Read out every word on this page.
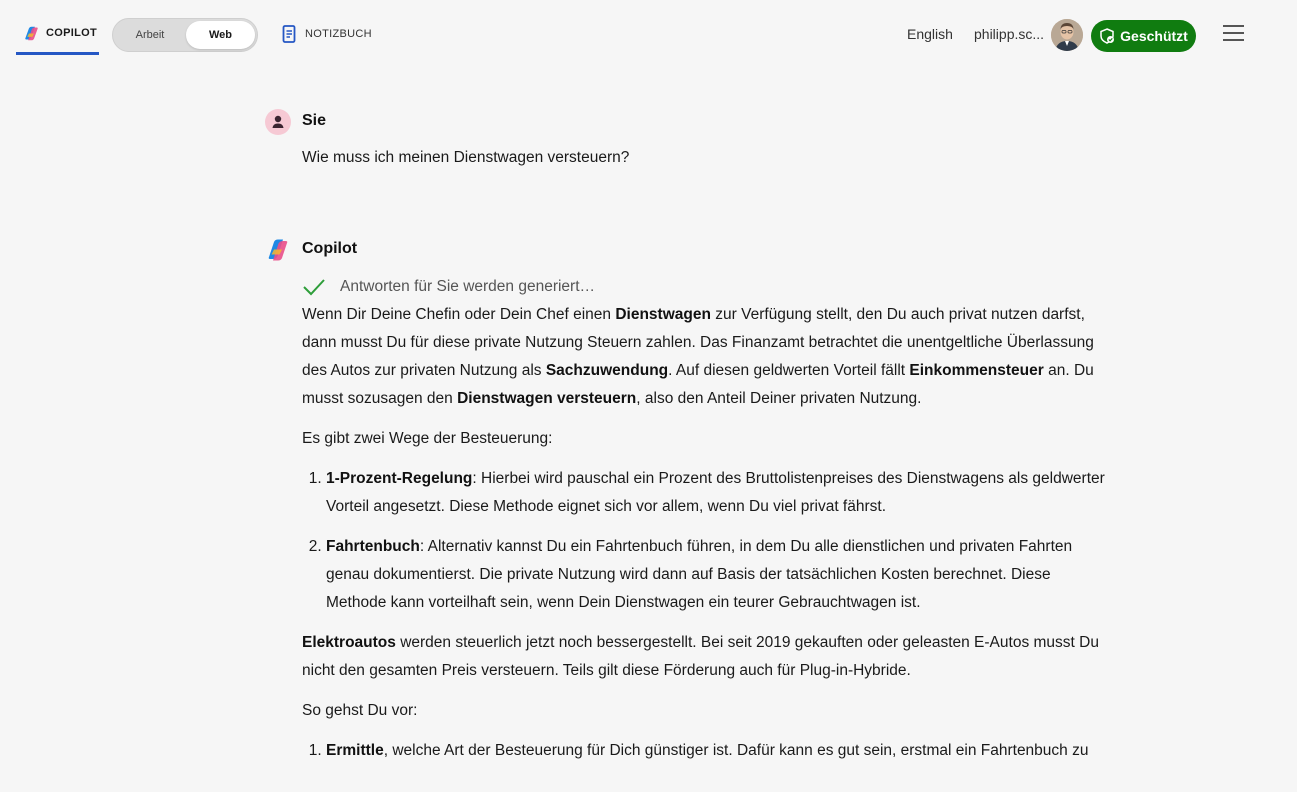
COPILOT	Arbeit	Web	NOTIZBUCH	English philipp.sc...	Geschützt
Sie
Wie muss ich meinen Dienstwagen versteuern?
Copilot
Antworten für Sie werden generiert…

Wenn Dir Deine Chefin oder Dein Chef einen Dienstwagen zur Verfügung stellt, den Du auch privat nutzen darfst, dann musst Du für diese private Nutzung Steuern zahlen. Das Finanzamt betrachtet die unentgeltliche Überlassung des Autos zur privaten Nutzung als Sachzuwendung. Auf diesen geldwerten Vorteil fällt Einkommensteuer an. Du musst sozusagen den Dienstwagen versteuern, also den Anteil Deiner privaten Nutzung.

Es gibt zwei Wege der Besteuerung:

1. 1-Prozent-Regelung: Hierbei wird pauschal ein Prozent des Bruttolistenpreises des Dienstwagens als geldwerter Vorteil angesetzt. Diese Methode eignet sich vor allem, wenn Du viel privat fährst.
2. Fahrtenbuch: Alternativ kannst Du ein Fahrtenbuch führen, in dem Du alle dienstlichen und privaten Fahrten genau dokumentierst. Die private Nutzung wird dann auf Basis der tatsächlichen Kosten berechnet. Diese Methode kann vorteilhaft sein, wenn Dein Dienstwagen ein teurer Gebrauchtwagen ist.

Elektroautos werden steuerlich jetzt noch bessergestellt. Bei seit 2019 gekauften oder geleasten E-Autos musst Du nicht den gesamten Preis versteuern. Teils gilt diese Förderung auch für Plug-in-Hybride.

So gehst Du vor:

1. Ermittle, welche Art der Besteuerung für Dich günstiger ist. Dafür kann es gut sein, erstmal ein Fahrtenbuch zu
